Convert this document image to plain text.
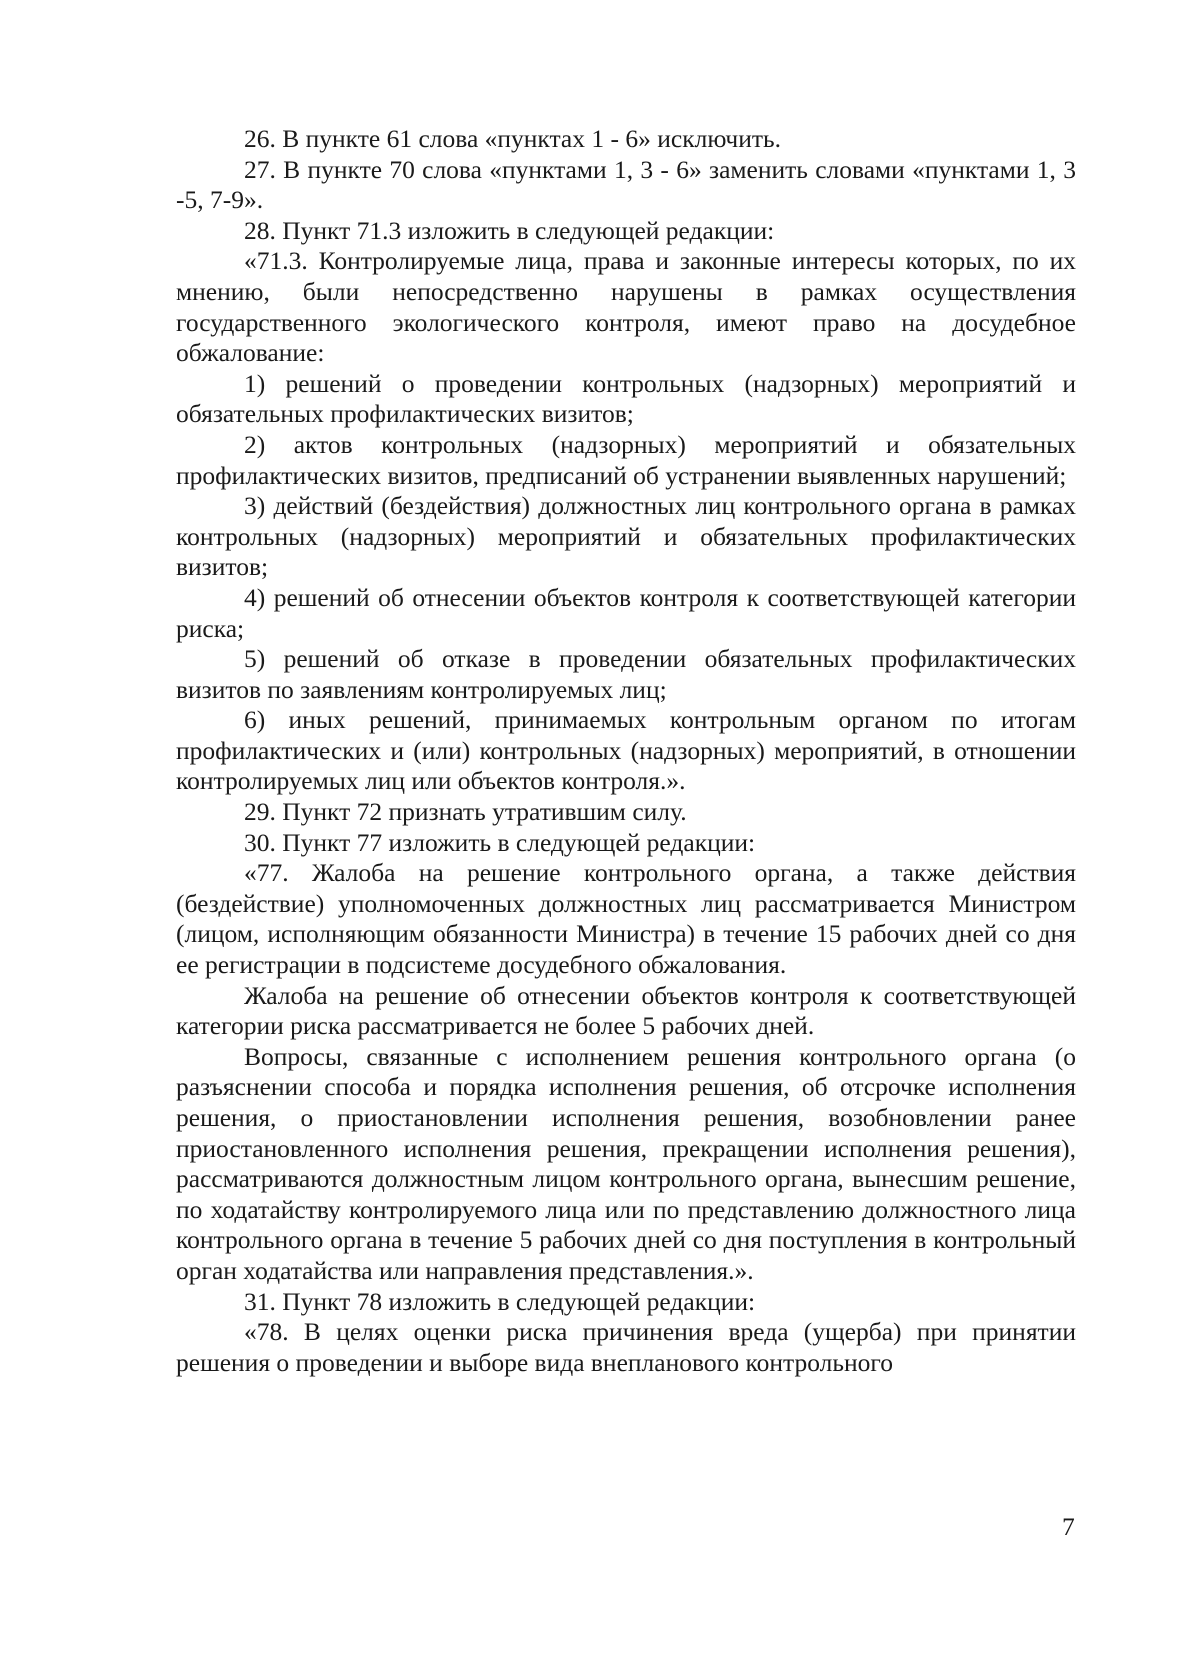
26. В пункте 61 слова «пунктах 1 - 6» исключить.

27. В пункте 70 слова «пунктами 1, 3 - 6» заменить словами «пунктами 1, 3 -5, 7-9».

28. Пункт 71.3 изложить в следующей редакции:

«71.3. Контролируемые лица, права и законные интересы которых, по их мнению, были непосредственно нарушены в рамках осуществления государственного экологического контроля, имеют право на досудебное обжалование:

1) решений о проведении контрольных (надзорных) мероприятий и обязательных профилактических визитов;

2) актов контрольных (надзорных) мероприятий и обязательных профилактических визитов, предписаний об устранении выявленных нарушений;

3) действий (бездействия) должностных лиц контрольного органа в рамках контрольных (надзорных) мероприятий и обязательных профилактических визитов;

4) решений об отнесении объектов контроля к соответствующей категории риска;

5) решений об отказе в проведении обязательных профилактических визитов по заявлениям контролируемых лиц;

6) иных решений, принимаемых контрольным органом по итогам профилактических и (или) контрольных (надзорных) мероприятий, в отношении контролируемых лиц или объектов контроля.».

29. Пункт 72 признать утратившим силу.

30. Пункт 77 изложить в следующей редакции:

«77. Жалоба на решение контрольного органа, а также действия (бездействие) уполномоченных должностных лиц рассматривается Министром (лицом, исполняющим обязанности Министра) в течение 15 рабочих дней со дня ее регистрации в подсистеме досудебного обжалования.

Жалоба на решение об отнесении объектов контроля к соответствующей категории риска рассматривается не более 5 рабочих дней.

Вопросы, связанные с исполнением решения контрольного органа (о разъяснении способа и порядка исполнения решения, об отсрочке исполнения решения, о приостановлении исполнения решения, возобновлении ранее приостановленного исполнения решения, прекращении исполнения решения), рассматриваются должностным лицом контрольного органа, вынесшим решение, по ходатайству контролируемого лица или по представлению должностного лица контрольного органа в течение 5 рабочих дней со дня поступления в контрольный орган ходатайства или направления представления.».

31. Пункт 78 изложить в следующей редакции:

«78. В целях оценки риска причинения вреда (ущерба) при принятии решения о проведении и выборе вида внепланового контрольного

7
